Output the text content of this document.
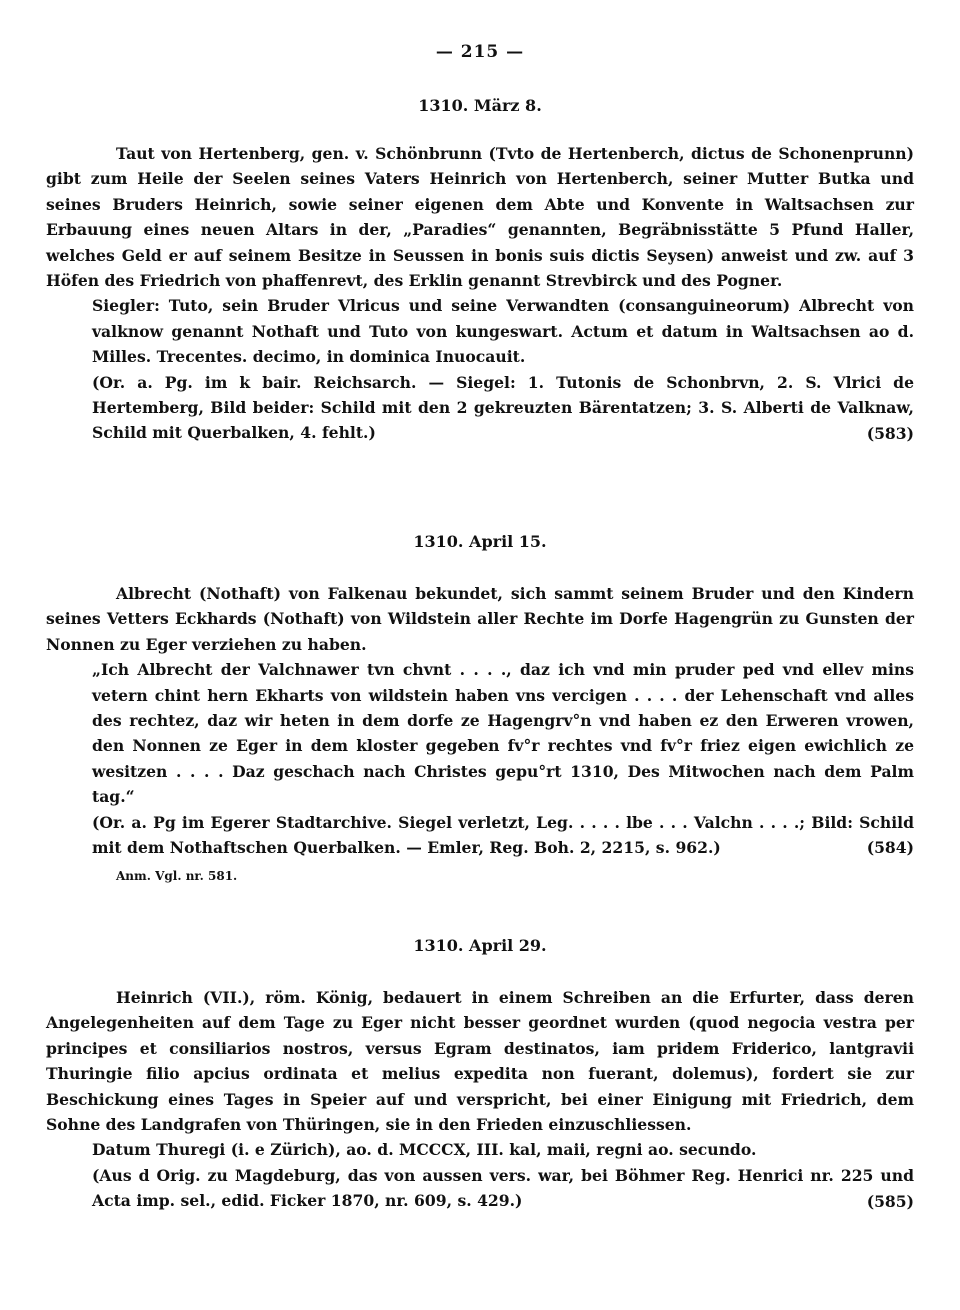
— 215 —
1310. März 8.

Taut von Hertenberg, gen. v. Schönbrunn (Tvto de Hertenberch, dictus de Schonenprunn) gibt zum Heile der Seelen seines Vaters Heinrich von Hertenberch, seiner Mutter Butka und seines Bruders Heinrich, sowie seiner eigenen dem Abte und Konvente in Waltsachsen zur Erbauung eines neuen Altars in der, „Paradies“ genannten, Begräbnisstätte 5 Pfund Haller, welches Geld er auf seinem Besitze in Seussen in bonis suis dictis Seysen) anweist und zw. auf 3 Höfen des Friedrich von phaffenrevt, des Erklin genannt Strevbirck und des Pogner.

Siegler: Tuto, sein Bruder Vlricus und seine Verwandten (consanguineorum) Albrecht von valknow genannt Nothaft und Tuto von kungeswart. Actum et datum in Waltsachsen ao d. Milles. Trecentes. decimo, in dominica Inuocauit.

(Or. a. Pg. im k bair. Reichsarch. — Siegel: 1. Tutonis de Schonbrvn, 2. S. Vlrici de Hertemberg, Bild beider: Schild mit den 2 gekreuzten Bärentatzen; 3. S. Alberti de Valknaw, Schild mit Querbalken, 4. fehlt.)	(583)
1310. April 15.

Albrecht (Nothaft) von Falkenau bekundet, sich sammt seinem Bruder und den Kindern seines Vetters Eckhards (Nothaft) von Wildstein aller Rechte im Dorfe Hagengrün zu Gunsten der Nonnen zu Eger verziehen zu haben.

„Ich Albrecht der Valchnawer tvn chvnt . . . ., daz ich vnd min pruder ped vnd ellev mins vetern chint hern Ekharts von wildstein haben vns vercigen . . . . der Lehenschaft vnd alles des rechtez, daz wir heten in dem dorfe ze Hagengrv°n vnd haben ez den Erweren vrowen, den Nonnen ze Eger in dem kloster gegeben fv°r rechtes vnd fv°r friez eigen ewichlich ze wesitzen . . . . Daz geschach nach Christes gepu°rt 1310, Des Mitwochen nach dem Palm tag.“

(Or. a. Pg im Egerer Stadtarchive. Siegel verletzt, Leg. . . . . lbe . . . Valchn . . . .; Bild: Schild mit dem Nothaftschen Querbalken. — Emler, Reg. Boh. 2, 2215, s. 962.)	(584)

Anm. Vgl. nr. 581.

1310. April 29.

Heinrich (VII.), röm. König, bedauert in einem Schreiben an die Erfurter, dass deren Angelegenheiten auf dem Tage zu Eger nicht besser geordnet wurden (quod negocia vestra per principes et consiliarios nostros, versus Egram destinatos, iam pridem Friderico, lantgravii Thuringie filio apcius ordinata et melius expedita non fuerant, dolemus), fordert sie zur Beschickung eines Tages in Speier auf und verspricht, bei einer Einigung mit Friedrich, dem Sohne des Landgrafen von Thüringen, sie in den Frieden einzuschliessen.

Datum Thuregi (i. e Zürich), ao. d. MCCCX, III. kal, maii, regni ao. secundo.

(Aus d Orig. zu Magdeburg, das von aussen vers. war, bei Böhmer Reg. Henrici nr. 225 und Acta imp. sel., edid. Ficker 1870, nr. 609, s. 429.)	(585)
